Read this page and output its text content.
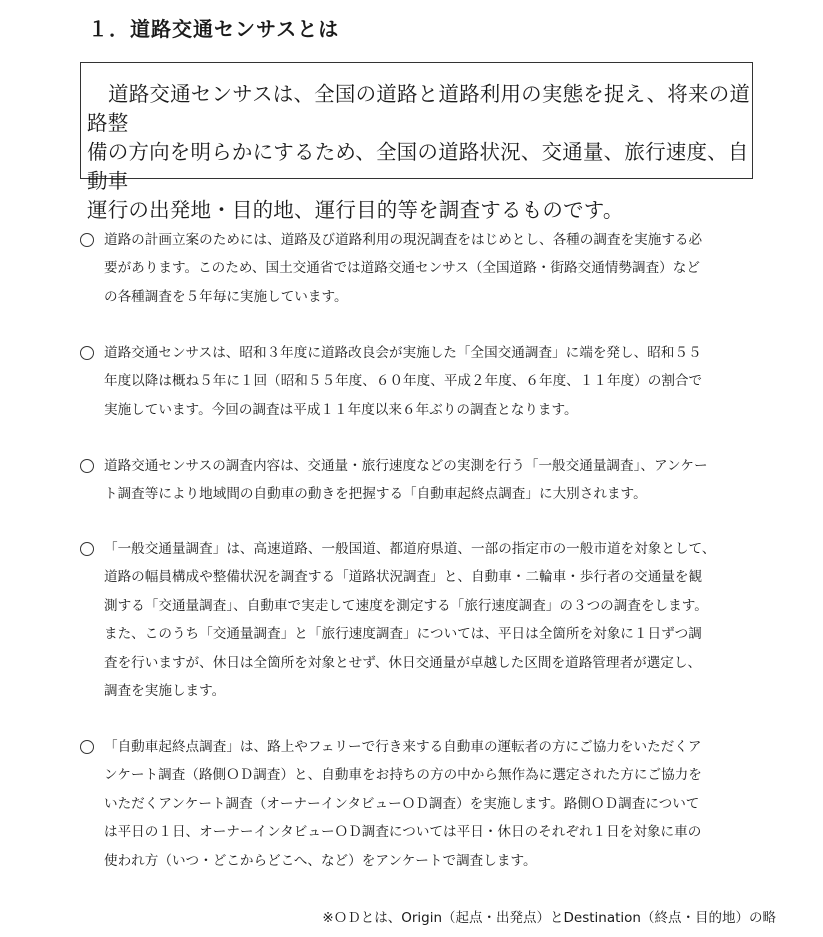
１．道路交通センサスとは

道路交通センサスは、全国の道路と道路利用の実態を捉え、将来の道路整
備の方向を明らかにするため、全国の道路状況、交通量、旅行速度、自動車
運行の出発地・目的地、運行目的等を調査するものです。

道路の計画立案のためには、道路及び道路利用の現況調査をはじめとし、各種の調査を実施する必
要があります。このため、国土交通省では道路交通センサス（全国道路・街路交通情勢調査）など
の各種調査を５年毎に実施しています。
道路交通センサスは、昭和３年度に道路改良会が実施した「全国交通調査」に端を発し、昭和５５
年度以降は概ね５年に１回（昭和５５年度、６０年度、平成２年度、６年度、１１年度）の割合で
実施しています。今回の調査は平成１１年度以来６年ぶりの調査となります。
道路交通センサスの調査内容は、交通量・旅行速度などの実測を行う「一般交通量調査」、アンケー
ト調査等により地域間の自動車の動きを把握する「自動車起終点調査」に大別されます。
「一般交通量調査」は、高速道路、一般国道、都道府県道、一部の指定市の一般市道を対象として、
道路の幅員構成や整備状況を調査する「道路状況調査」と、自動車・二輪車・歩行者の交通量を観
測する「交通量調査」、自動車で実走して速度を測定する「旅行速度調査」の３つの調査をします。
また、このうち「交通量調査」と「旅行速度調査」については、平日は全箇所を対象に１日ずつ調
査を行いますが、休日は全箇所を対象とせず、休日交通量が卓越した区間を道路管理者が選定し、
調査を実施します。
「自動車起終点調査」は、路上やフェリーで行き来する自動車の運転者の方にご協力をいただくア
ンケート調査（路側ＯＤ調査）と、自動車をお持ちの方の中から無作為に選定された方にご協力を
いただくアンケート調査（オーナーインタビューＯＤ調査）を実施します。路側ＯＤ調査について
は平日の１日、オーナーインタビューＯＤ調査については平日・休日のそれぞれ１日を対象に車の
使われ方（いつ・どこからどこへ、など）をアンケートで調査します。
※ＯＤとは、Origin（起点・出発点）とDestination（終点・目的地）の略
